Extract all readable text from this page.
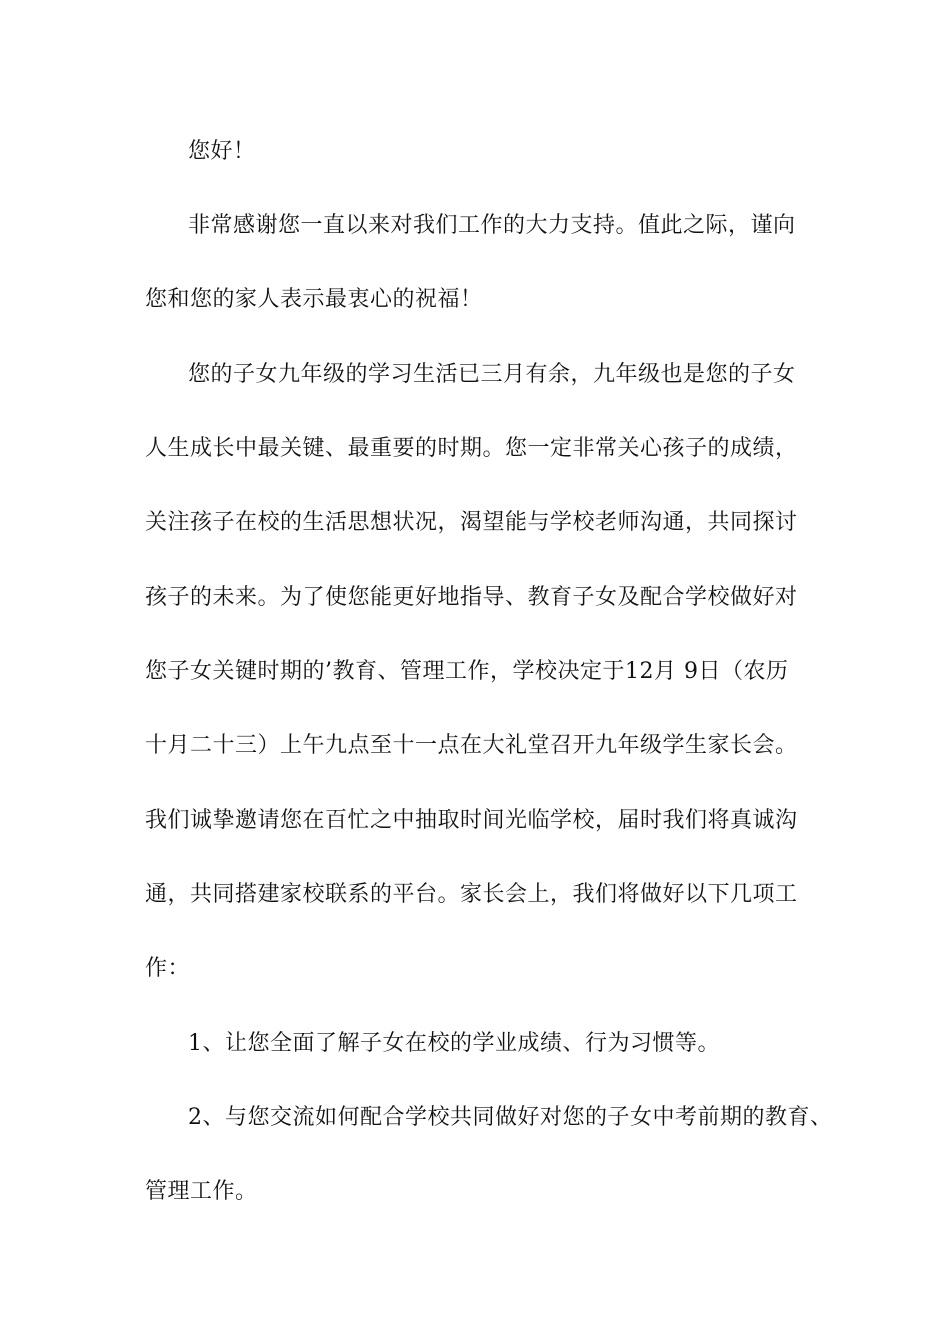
您好！
非常感谢您一直以来对我们工作的大力支持。值此之际，谨向
您和您的家人表示最衷心的祝福！
您的子女九年级的学习生活已三月有余，九年级也是您的子女
人生成长中最关键、最重要的时期。您一定非常关心孩子的成绩，
关注孩子在校的生活思想状况，渴望能与学校老师沟通，共同探讨
孩子的未来。为了使您能更好地指导、教育子女及配合学校做好对
您子女关键时期的’教育、管理工作，学校决定于12月 9日（农历
十月二十三）上午九点至十一点在大礼堂召开九年级学生家长会。
我们诚挚邀请您在百忙之中抽取时间光临学校，届时我们将真诚沟
通，共同搭建家校联系的平台。家长会上，我们将做好以下几项工
作：
1、让您全面了解子女在校的学业成绩、行为习惯等。
2、与您交流如何配合学校共同做好对您的子女中考前期的教育、
管理工作。
